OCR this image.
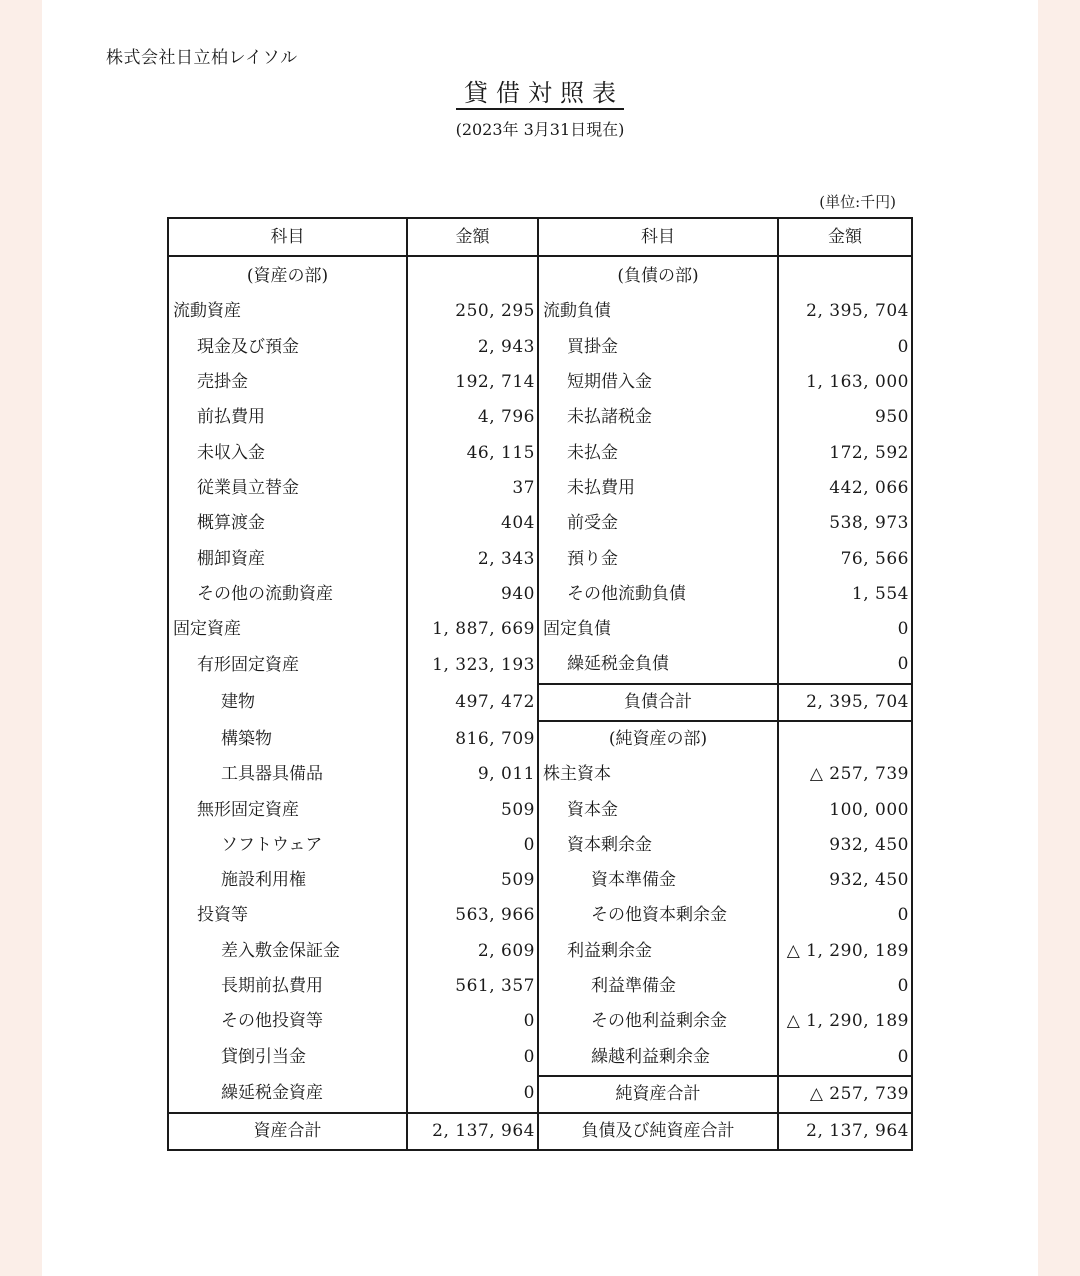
株式会社日立柏レイソル
貸借対照表
(2023年 3月31日現在)
(単位:千円)
科目	金額	科目	金額
(資産の部)		(負債の部)	
流動資産	250, 295	流動負債	2, 395, 704
現金及び預金	2, 943	買掛金	0
売掛金	192, 714	短期借入金	1, 163, 000
前払費用	4, 796	未払諸税金	950
未収入金	46, 115	未払金	172, 592
従業員立替金	37	未払費用	442, 066
概算渡金	404	前受金	538, 973
棚卸資産	2, 343	預り金	76, 566
その他の流動資産	940	その他流動負債	1, 554
固定資産	1, 887, 669	固定負債	0
有形固定資産	1, 323, 193	繰延税金負債	0
建物	497, 472	負債合計	2, 395, 704
構築物	816, 709	(純資産の部)	
工具器具備品	9, 011	株主資本	△ 257, 739
無形固定資産	509	資本金	100, 000
ソフトウェア	0	資本剰余金	932, 450
施設利用権	509	資本準備金	932, 450
投資等	563, 966	その他資本剰余金	0
差入敷金保証金	2, 609	利益剰余金	△ 1, 290, 189
長期前払費用	561, 357	利益準備金	0
その他投資等	0	その他利益剰余金	△ 1, 290, 189
貸倒引当金	0	繰越利益剰余金	0
繰延税金資産	0	純資産合計	△ 257, 739
資産合計	2, 137, 964	負債及び純資産合計	2, 137, 964
